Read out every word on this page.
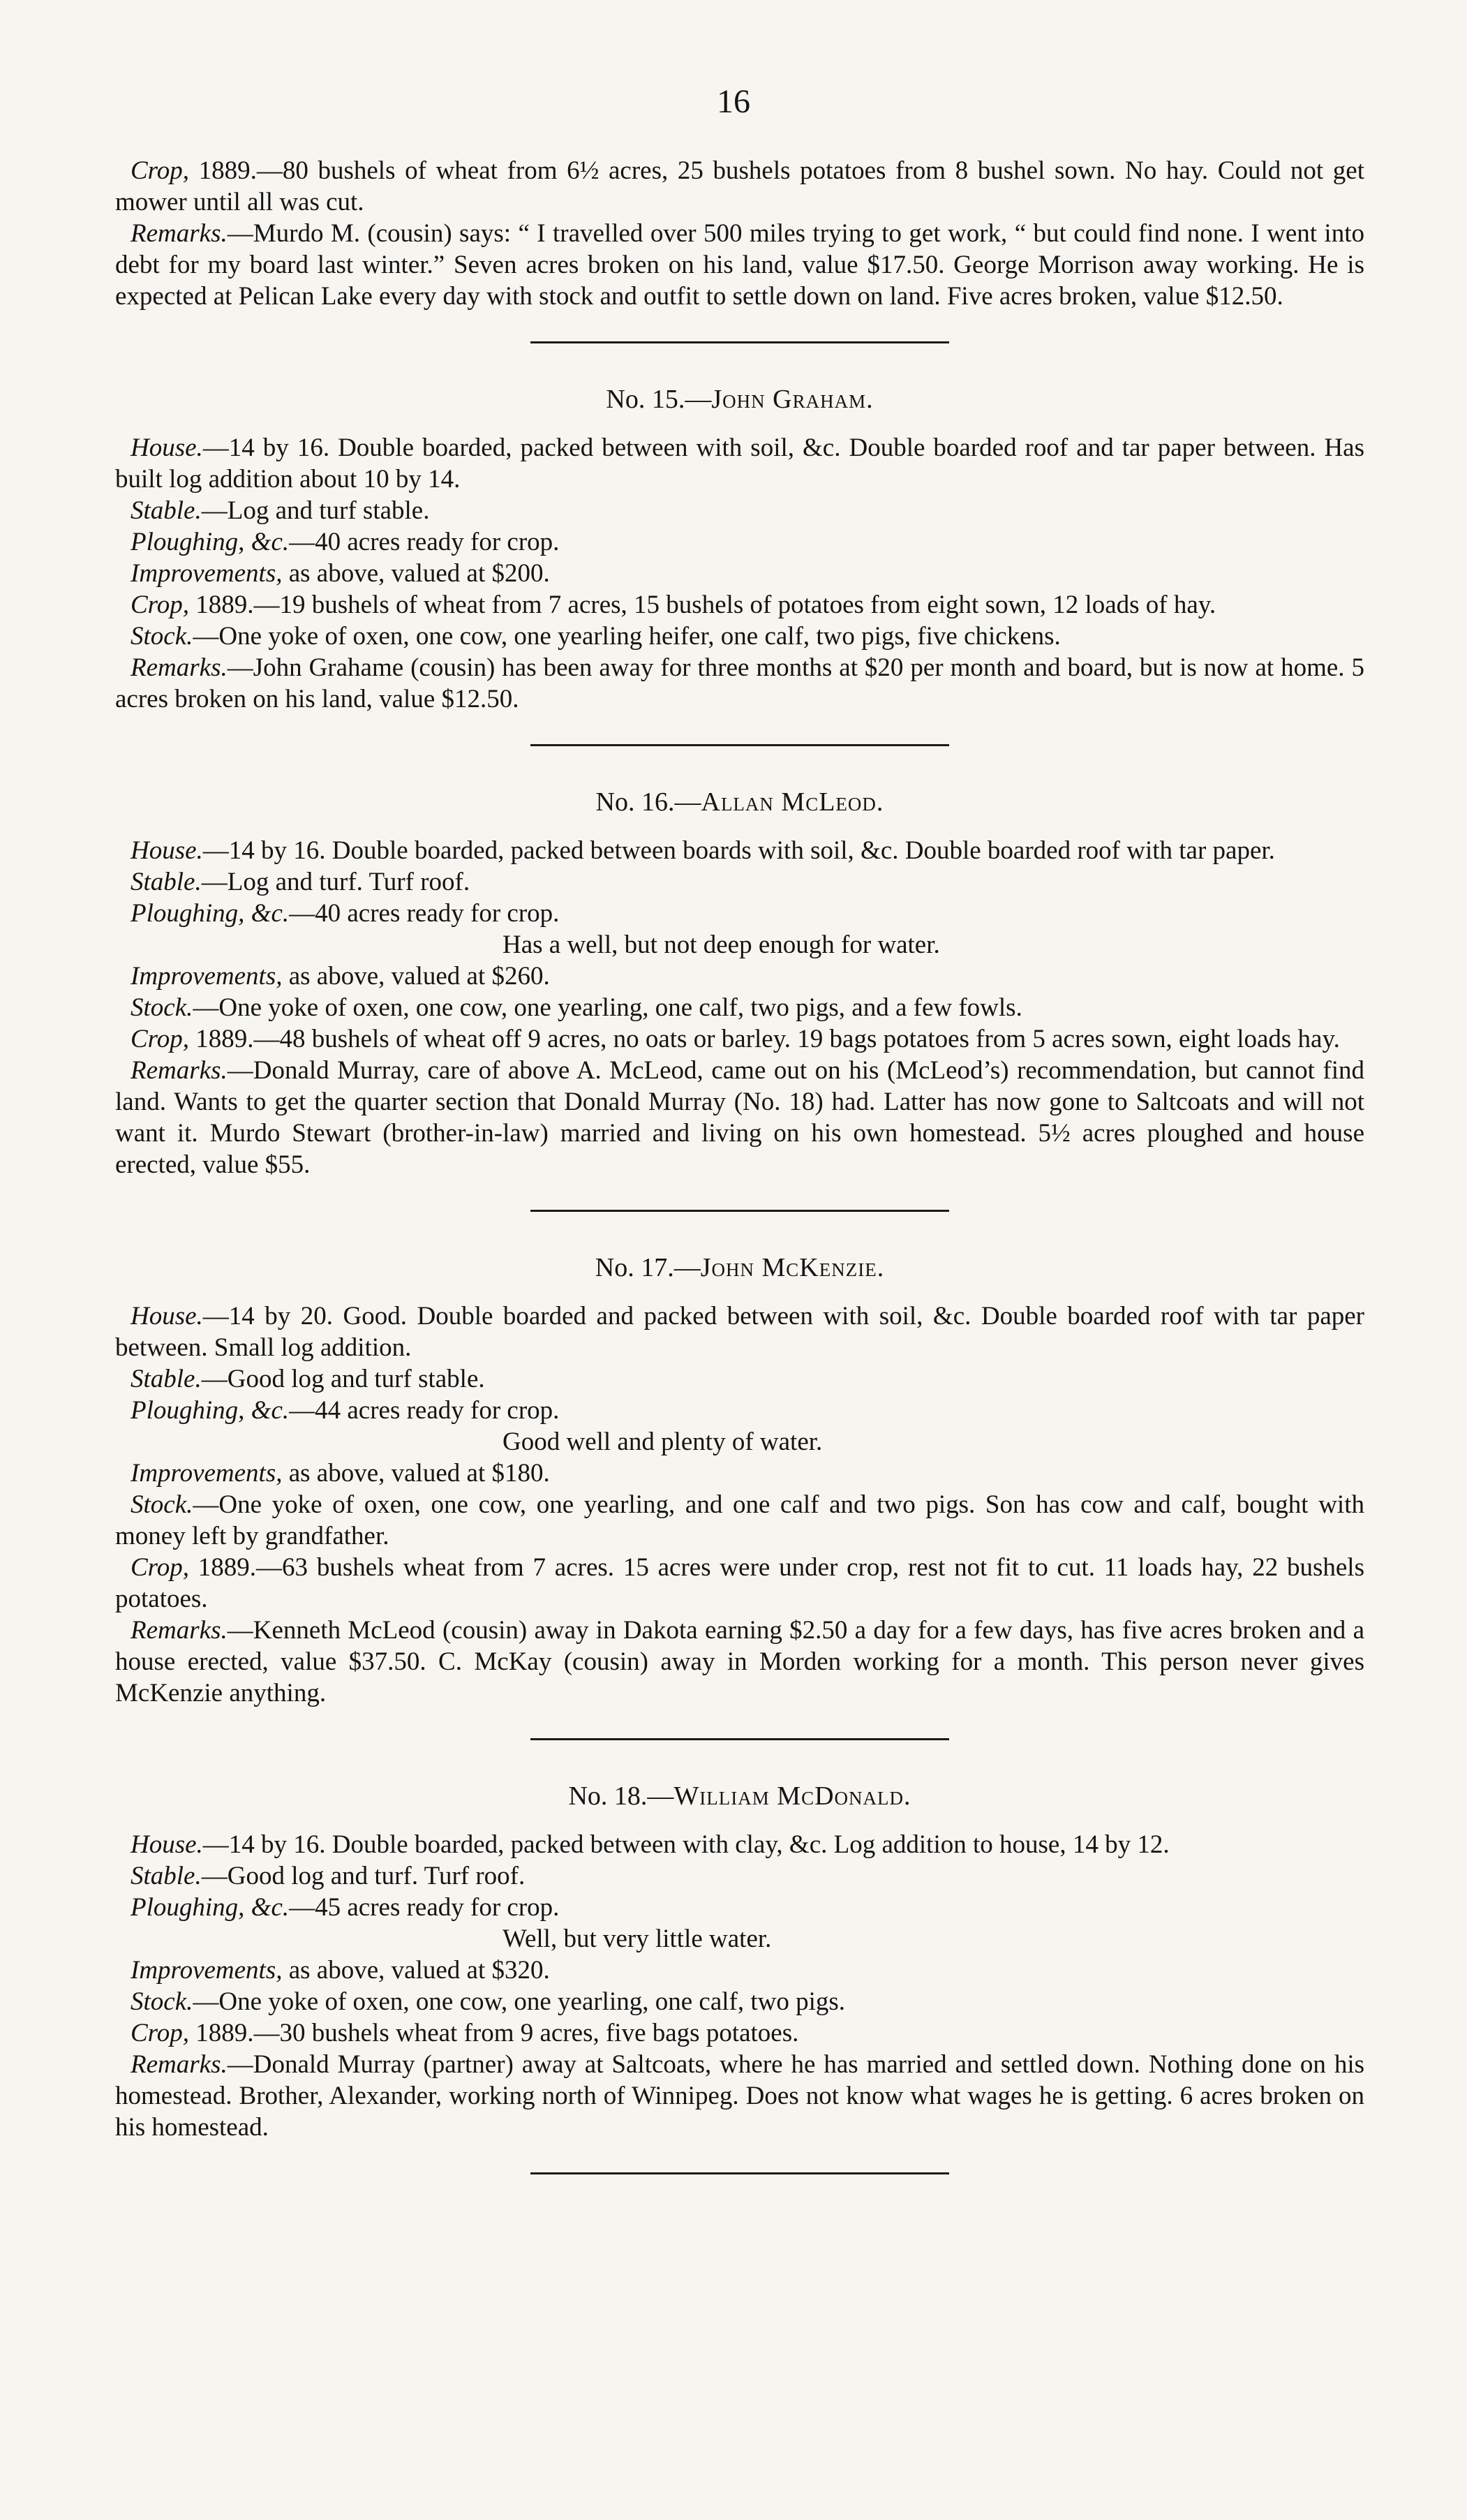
16

Crop, 1889.—80 bushels of wheat from 6½ acres, 25 bushels potatoes from 8 bushel sown. No hay. Could not get mower until all was cut.

Remarks.—Murdo M. (cousin) says: “ I travelled over 500 miles trying to get work, “ but could find none. I went into debt for my board last winter.” Seven acres broken on his land, value $17.50. George Morrison away working. He is expected at Pelican Lake every day with stock and outfit to settle down on land. Five acres broken, value $12.50.

No. 15.—John Graham.

House.—14 by 16. Double boarded, packed between with soil, &c. Double boarded roof and tar paper between. Has built log addition about 10 by 14.

Stable.—Log and turf stable.

Ploughing, &c.—40 acres ready for crop.

Improvements, as above, valued at $200.

Crop, 1889.—19 bushels of wheat from 7 acres, 15 bushels of potatoes from eight sown, 12 loads of hay.

Stock.—One yoke of oxen, one cow, one yearling heifer, one calf, two pigs, five chickens.

Remarks.—John Grahame (cousin) has been away for three months at $20 per month and board, but is now at home. 5 acres broken on his land, value $12.50.

No. 16.—Allan McLeod.

House.—14 by 16. Double boarded, packed between boards with soil, &c. Double boarded roof with tar paper.

Stable.—Log and turf. Turf roof.

Ploughing, &c.—40 acres ready for crop.

Has a well, but not deep enough for water.

Improvements, as above, valued at $260.

Stock.—One yoke of oxen, one cow, one yearling, one calf, two pigs, and a few fowls.

Crop, 1889.—48 bushels of wheat off 9 acres, no oats or barley. 19 bags potatoes from 5 acres sown, eight loads hay.

Remarks.—Donald Murray, care of above A. McLeod, came out on his (McLeod’s) recommendation, but cannot find land. Wants to get the quarter section that Donald Murray (No. 18) had. Latter has now gone to Saltcoats and will not want it. Murdo Stewart (brother-in-law) married and living on his own homestead. 5½ acres ploughed and house erected, value $55.

No. 17.—John McKenzie.

House.—14 by 20. Good. Double boarded and packed between with soil, &c. Double boarded roof with tar paper between. Small log addition.

Stable.—Good log and turf stable.

Ploughing, &c.—44 acres ready for crop.

Good well and plenty of water.

Improvements, as above, valued at $180.

Stock.—One yoke of oxen, one cow, one yearling, and one calf and two pigs. Son has cow and calf, bought with money left by grandfather.

Crop, 1889.—63 bushels wheat from 7 acres. 15 acres were under crop, rest not fit to cut. 11 loads hay, 22 bushels potatoes.

Remarks.—Kenneth McLeod (cousin) away in Dakota earning $2.50 a day for a few days, has five acres broken and a house erected, value $37.50. C. McKay (cousin) away in Morden working for a month. This person never gives McKenzie anything.

No. 18.—William McDonald.

House.—14 by 16. Double boarded, packed between with clay, &c. Log addition to house, 14 by 12.

Stable.—Good log and turf. Turf roof.

Ploughing, &c.—45 acres ready for crop.

Well, but very little water.

Improvements, as above, valued at $320.

Stock.—One yoke of oxen, one cow, one yearling, one calf, two pigs.

Crop, 1889.—30 bushels wheat from 9 acres, five bags potatoes.

Remarks.—Donald Murray (partner) away at Saltcoats, where he has married and settled down. Nothing done on his homestead. Brother, Alexander, working north of Winnipeg. Does not know what wages he is getting. 6 acres broken on his homestead.
